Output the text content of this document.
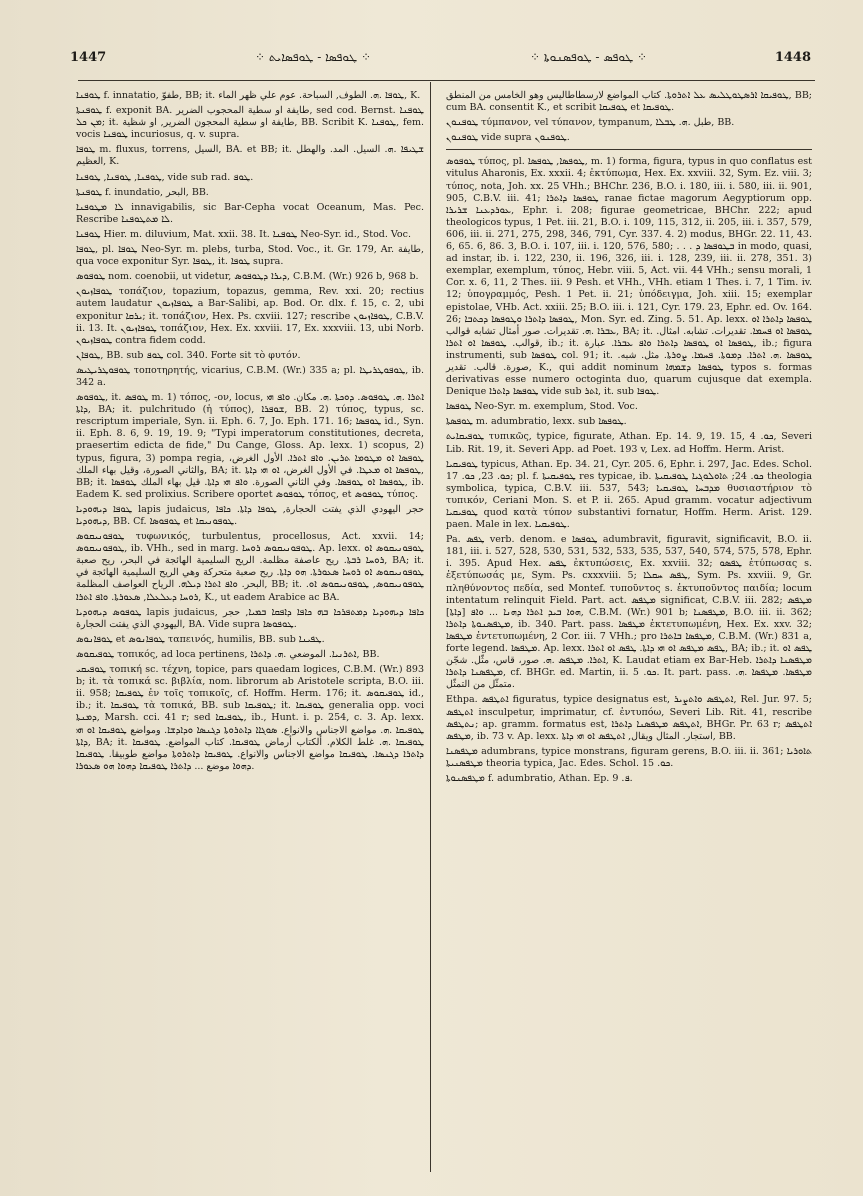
1447	⁘ ܛܘܦܣܐ - ܛܘܦܣܐܝܬ ⁘	⁘ ܛܘܦܣ - ܛܘܦܣܢܘܬܐ ⁘	1448

ܛܘܦܢܐ f. innatatio, طفوّ, BB; it. ܛܘܦܐ .ܗ. الطوف, السباحة. عوم علي ظهر الماء, K.

ܛܘܦܢܬܐ f. exponit BA. طايفة او سطية المحجوب الضرير, sed cod. Bernst. ܛܘܦܢܐ ܡܢ ܟܠ; it. طايفة او سطية المحجون الضرير, او شظية, BB. Scribit K. ܛܘܦܢܐ, fem. vocis ܛܘܦܢܐ incuriosus, q. v. supra.

ܛܘܦܐ m. fluxus, torrens, السيل, BA. et BB; it. ܫܛܝܦܐ .ܗ. السيل. المد. والهطل العظيم, K.

ܛܘܦܢܐ, ܛܘܦܢܐ, ܛܘܦܢܐ, vide sub rad. ܛܘܦ.

ܛܘܦܢܬܐ f. inundatio, البحر, BB.

ܠܐ ܡܛܘܦܢܐ innavigabilis, sic Bar-Cepha vocat Oceanum, Mas. Pec. Rescribe ܠܐ ܡܬܛܘܦܢܐ.

ܛܘܦܢܐ Hier. m. diluvium, Mat. xxii. 38. It. ܛܘܦܢܐ Neo-Syr. id., Stod. Voc.

ܛܘܦܐ, pl. ܛܘܦܐ Neo-Syr. m. plebs, turba, Stod. Voc., it. Gr. 179, Ar. طايفة, qua voce exponitur Syr. ܛܘܦܐ, it. ܛܘܦܐ supra.

ܛܘܦܘܣ nom. coenobii, ut videtur, ܕܝܪܐ ܕܛܘܦܘܣ, C.B.M. (Wr.) 926 b, 968 b.

ܛܘܦܐܙܝܘܢ τοπάζιον, topazium, topazus, gemma, Rev. xxi. 20; rectius autem laudatur ܛܘܦܐܙܝܘܢ a Bar-Salibi, ap. Bod. Or. dlx. f. 15, c. 2, ubi exponitur ܝܪܩܐ; it. τοπάζιον, Hex. Ps. cxviii. 127; rescribe ܛܘܦܐܙܝܘܢ, C.B.V. ii. 13. It. ܛܘܦܐܙܝܘܢ τοπάζιον, Hex. Ex. xxviii. 17, Ex. xxxviii. 13, ubi Norb. ܛܘܦܐܙܝܘܢ contra fidem codd.

ܛܘܦܐܢ, BB. sub ܛܘܦ col. 340. Forte sit τὸ φυτόν.

ܛܘܦܘܛܪܝܛܝܣ τοποτηρητής, vicarius, C.B.M. (Wr.) 335 a; pl. ܛܘܦܘܛܪܝܛܐ, ib. 342 a.

ܛܘܦܘܣ, it. ܛܘܦܣ m. 1) τόπος, -ον, locus, ܐܬܪܐ .ܗ. ܛܘܦܘܣ. ܕܘܟܬܐ .ܗ. مكان. ܘܐܦ ܗܝ ܕܐܬܐ, BA; it. pulchritudo (ἡ τύπος), ܫܘܦܪܐ, BB. 2) τύπος, typus, sc. rescriptum imperiale, Syn. ii. Eph. 6. 7, Jo. Eph. 171. 16; ܛܘܦܣܐ id., Syn. ii. Eph. 8. 6, 9. 19, 19. 9; "Typi imperatorum constitutiones, decreta, praesertim edicta de fide," Du Cange, Gloss. Ap. lexx. 1) scopus, 2) typus, figura, 3) pompa regia, ܛܘܦܣܐ ܐܘ ܡܛܘܡܐ ܬܪܝܢ. ܘܐܦ ܐܬܪܐ. الأول الغرض، والثاني الصورة، وقيل بهاء الملك, BA; it. ܛܘܦܣܐ ܐܘ ܡܥܛܐ. في الأول الغرض، ܐܘ ܗܝ ܕܐܬܐ, BB; it. ܛܘܦܣܐ ܐܘ ܛܘܦܣܐ. وفي الثاني الصورة. ܘܐܦ ܗܝ ܕܐܬܐ. قيل بهاء الملك ܛܘܦܣܐ, ib. Eadem K. sed prolixius. Scribere oportet ܛܘܦܘܣ τόπος, et ܛܘܦܘܣ τύπος.

ܛܘܦܐ ܕܝܗܘܕܝܐ lapis judaicus, حجر اليهودي الذي يفتت الحجارة, ܛܘܦܐ ܕܐܬܐ. ܟܐܦܐ ܕܝܗܘܕܝܐ, BB. Cf. ܛܘܦܘܣܐ et ܛܘܦܘܢܝܩܐ.

ܛܘܦܘܢܝܩܘܣ τυφωνικός, turbulentus, procellosus, Act. xxvii. 14; ܛܘܦܘܢܝܩܘܣ, ib. VHh., sed in marg. ܛܘܦܘܢܝܩܘܣ ܪܘܚܐ. Ap. lexx. ܛܘܦܘܢܝܩܘܣ ܐܘ ܪܘܚܐ ܪܒܬܐ. ريح عاصفة مظلمة. الريح السليمية الهائجة في البحر، ريح صعبة, BA; it. ܛܘܦܘܢܝܩܘܣ ܐܘ ܪܘܚܐ ܣܥܘܪܬܐ. ܗܘ ܕܐܬܐ. ريح صعبة متحركة وهي الريح السليمية الهائجة في البحر. ܘܐܦ ܐܬܪܐ ܕܝܠܗ. الرياح العواصف المظلمة, BB; it. ܛܘܦܘܢܝܩܘܣ, ܛܘܦܘܢܝܩܘܣ ܐܘ. ܪܘܚܐ ܕܥܠܥܠܐ, ܣܥܘܪܬܐ. ܘܐܦ ܐܬܪܐ, K., ut eadem Arabice ac BA.

ܛܘܦܘܣ ܕܝܗܘܕܝܐ lapis judaicus, ܟܐܦܐ ܕܝܗܘܕܝܐ ܕܡܬܦܪܟܐ ܒܗ ܟܐܦܐ ܕܐܦܩܐ ܒܡܝܐ, حجر اليهودي الذي يفتت الحجارة, BA. Vide supra ܛܘܦܘܣܐ.

ܛܘܦܐܢܘܣ et ܛܘܦܐܢܘܣ ταπεινός, humilis, BB. sub ܛܦܝܢܐ.

ܛܘܦܝܩܘܣ τοπικός, ad loca pertinens, ܐܬܪܢܝܐ. الموضعي .ܗ. ܕܐܬܪܐ, BB.

ܛܘܦܝܩܝ τοπική sc. τέχνη, topice, pars quaedam logices, C.B.M. (Wr.) 893 b; it. τὰ τοπικά sc. βιβλία, nom. librorum ab Aristotele scripta, B.O. iii. ii. 958; ܛܘܦܝܩܐ ἐν τοῖς τοπικοῖς, cf. Hoffm. Herm. 176; it. ܛܘܦܝܩܘܣ id., ib.; it. ܛܘܦܝܩܐ τὰ τοπικά, BB. sub ܛܘܦܝܩܐ; it. ܛܘܦܝܩܐ generalia opp. voci ܕܡܢܬܐ, Marsh. cci. 41 r; sed ܛܘܦܝܩܐ, ib., Hunt. i. p. 254, c. 3. Ap. lexx. ܛܘܦܝܩܐ .ܗ. مواضع الاجناس والانواع. ܣܘܓܐܐ ܕܐܬܪܘܬܐ ܕܓܢܣܐ ܘܕܐܕܫܐ. ومواضع ܛܘܦܝܩܐ ܐܘ ܗܝ ܕܐܬܐ, BA; it. ܛܘܦܝܩܐ .ܗ. غلط الكلام. ألكتاب أرماض ܛܘܦܝܩܐ. كتاب المواضع. ܛܘܦܝܩܐ ܕܐܬܪܐ ܕܓܢܣܐ. ܛܘܦܝܩܐ مواضع الاجناس والانواع. ܛܘܦܝܩܐ ܕܐܬܪܘܬܐ مواضع طوبيقا. ܛܘܦܝܩܐ ܕܗܘܐ موضع ... ܕܐܬܪܐ ܛܘܦܝܩܐ ܕܗܘܐ ܗܘ ܣܥܘܪܐ.

ܛܘܦܝܩܐ ܐܪܣܛܘܛܠܝܣ ܥܠ ܐܬܪܘܬܐ. كتاب المواضع لارسطاطاليس وهو الخامس من المنطق, BB; cum BA. consentit K., et scribit ܛܘܦܝܩܐ et ܛܘܦܝܩܐ.

ܛܘܦܢܘܢ τύμπανον, vel τύπανον, tympanum, طبل .ܗ. ܛܒܠܐ, BB.

ܛܘܦܢܘܢ vide supra ܛܘܦܢܘܢ.

ܛܘܦܘܣ τύπος, pl. ܛܘܦܣܐ, ܛܘܦܣܐ, m. 1) forma, figura, typus in quo conflatus est vitulus Aharonis, Ex. xxxii. 4; ἐκτύπωμα, Hex. Ex. xxviii. 32, Sym. Ez. viii. 3; τύπος, nota, Joh. xx. 25 VHh.; BHChr. 236, B.O. i. 180, iii. i. 580, iii. ii. 901, 905, C.B.V. iii. 41; ܛܘܦܣܐ ܕܐܬܪܐ ranae fictae magorum Aegyptiorum opp. ܥܘܪܕܥܢܐ ܫܪܝܪܐ, Ephr. i. 208; figurae geometricae, BHChr. 222; apud theologicos typus, 1 Pet. iii. 21, B.O. i. 109, 115, 312, ii. 205, iii. i. 357, 579, 606, iii. ii. 271, 275, 298, 346, 791, Cyr. 337. 4. 2) modus, BHGr. 22. 11, 43. 6, 65. 6, 86. 3, B.O. i. 107, iii. i. 120, 576, 580; . . . ܒܛܘܦܣܐ ܕ in modo, quasi, ad instar, ib. i. 122, 230, ii. 196, 326, iii. i. 128, 239, iii. ii. 278, 351. 3) exemplar, exemplum, τύπος, Hebr. viii. 5, Act. vii. 44 VHh.; sensu morali, 1 Cor. x. 6, 11, 2 Thes. iii. 9 Pesh. et VHh., VHh. etiam 1 Thes. i. 7, 1 Tim. iv. 12; ὑπογραμμός, Pesh. 1 Pet. ii. 21; ὑπόδειγμα, Joh. xiii. 15; exemplar epistolae, VHb. Act. xxiii. 25; B.O. iii. i. 121, Cyr. 179. 23, Ephr. ed. Ov. 164. 26; ܛܘܦܣܐ ܕܐܬܪܐ ܘܛܘܦܣܐ ܕܟܬܒܐ, Mon. Syr. ed. Zing. 5. 51. Ap. lexx. ܛܘܦܣܐ ܕܐܬܪܐ ܐܘ ܥܒܪܐ .ܗ. تقديرات. صور أمثال تشابه قوالب, BA; it. ܛܘܦܣܐ ܐܘ ܦܚܡܐ. تقديرات. تشابه. امثال. قوالب. ܛܘܦܣܐ ܐܘ ܐܬܪܐ, ib.; it. ܛܘܦܣܐ ܐܘ ܛܘܦܣܐ ܕܐܬܪܐ ܘܐܦ ܥܒܪܐ. عبارة, ib.; figura instrumenti, sub ܛܘܦܣܐ col. 91; it. ܛܘܦܣܐ .ܗ. ܐܬܪܐ. ܕܡܘܬܐ. ܦܚܡܐ. ܨܘܪܬܐ. مثل. شبه. صورة. قالب. تقدير, K., qui addit nominum ܛܘܦܣܐ ܕܫܡܗܐ typos s. formas derivativas esse numero octoginta duo, quarum cujusque dat exempla. Denique ܛܘܦܣܐ ܕܐܬܪܐ vide sub ܐܬܪ, it. sub ܛܘܦܐ.

ܛܘܦܣܐ Neo-Syr. m. exemplum, Stod. Voc.

ܛܘܦܣܬܐ m. adumbratio, lexx. sub ܛܘܦܣܐ.

ܛܘܦܝܩܐܝܬ τυπικῶς, typice, figurate, Athan. Ep. 14. 9, 19. 15, ܟܘ. 4, Severi Lib. Rit. 19, it. Severi App. ad Poet. 193 v, Lex. ad Hoffm. Herm. Arist.

ܛܘܦܝܩܝܐ typicus, Athan. Ep. 34. 21, Cyr. 205. 6, Ephr. i. 297, Jac. Edes. Schol. ܟܘ. 23, ܟܘ. 17; pl. f. ܛܘܦܝܩܝܬܐ res typicae, ib. ܟܘ. 24; ܬܐܘܠܘܓܝܐ ܛܘܦܝܩܝܬܐ theologia symbolica, typica, C.B.V. iii. 537, 543; ܡܕܒܚܐ ܛܘܦܝܩܝܐ θυσιαστήριον τὸ τυπικόν, Ceriani Mon. S. et P. ii. 265. Apud gramm. vocatur adjectivum ܛܘܦܝܩܝܐ quod κατὰ τύπον substantivi fornatur, Hoffm. Herm. Arist. 129. paen. Male in lex. ܛܘܦܝܩܝܐ.

Pa. ܛܦܣ verb. denom. e ܛܘܦܣܐ adumbravit, figuravit, significavit, B.O. ii. 181, iii. i. 527, 528, 530, 531, 532, 533, 535, 537, 540, 574, 575, 578, Ephr. i. 395. Apud Hex. ܛܦܣ ἐκτυπώσεις, Ex. xxviii. 32; ܛܦܣܘ ἐτύπωσας s. ἐξετύπωσάς με, Sym. Ps. cxxxviii. 5; ܛܦܣ ܚܩܠܐ, Sym. Ps. xxviii. 9, Gr. πληθύνοντος πεδία, sed Montef. τυποῦντος s. ἐκτυποῦντος παιδία; locum intentatum relinquit Field. Part. act. ܡܛܦܣ significat, C.B.V. iii. 282; ܡܛܦܣ ܗܘܐ ܒܝܕ ܐܬܪܐ ܕܗܢܐ ... ܘܐܦ [ܕܐܬܐ], C.B.M. (Wr.) 901 b; ܡܛܦܣܢܐ, B.O. iii. ii. 362; ܡܛܦܣܢܘܬܐ ܕܐܬܪܐ, ib. 340. Part. pass. ܡܛܦܣܐ ἐκτετυπωμένη, Hex. Ex. xxv. 32; ܡܛܦܣܐ ἐντετυπωμένη, 2 Cor. iii. 7 VHh.; pro ܡܛܦܣܐ ܒܐܬܪܐ, C.B.M. (Wr.) 831 a, forte legend. ܡܛܦܣܐ. Ap. lexx. ܛܦܣ ܡܛܦܣ ܐܘ ܗܝ ܕܐܬܐ. ܛܦܣ ܐܘ ܐܬܪܐ, BA; ib.; it. ܛܦܣ ܐܘ ܐܬܪܐ. ܡܛܦܣ .ܗ. صور، قاس، مثّل. شجّن, K. Laudat etiam ex Bar-Heb. ܡܛܦܣܢܐ ܕܐܬܪܐ ܡܛܦܣܢܐ ܕܐܬܪܐ, cf. BHGr. ed. Martin, ii. ܟܘ. 5. It. part. pass. ܡܛܦܣܐ. ܡܛܦܣܐ .ܗ. متمثّل من التمثّل.

Ethpa. ܐܬܛܦܣ figuratus, typice designatus est, ܐܬܛܦܣ ܘܐܬܨܝܪ, Rel. Jur. 97. 5; ܐܬܛܦܣ insculpetur, imprimatur, cf. ἐντυπόω, Severi Lib. Rit. 41, rescribe ܢܬܛܦܣ; ap. gramm. formatus est, ܐܬܛܦܣ ܡܛܦܣܢܐ ܕܐܬܪܐ, BHGr. Pr. 63 r; ܐܬܛܦܣ ܡܛܦܣ, ib. 73 v. Ap. lexx. استجار. المثال ويقال, ܐܬܛܦܣ ܐܘ ܗܝ ܕܐܬܐ, BB.

ܡܛܦܣܢܐ adumbrans, typice monstrans, figuram gerens, B.O. iii. ii. 361; ܬܐܘܪܝܐ ܡܛܦܣܢܝܬܐ theoria typica, Jac. Edes. Schol. ܟܘ. 15.

ܡܛܦܣܢܘܬܐ f. adumbratio, Athan. Ep. ܦ. 9.
